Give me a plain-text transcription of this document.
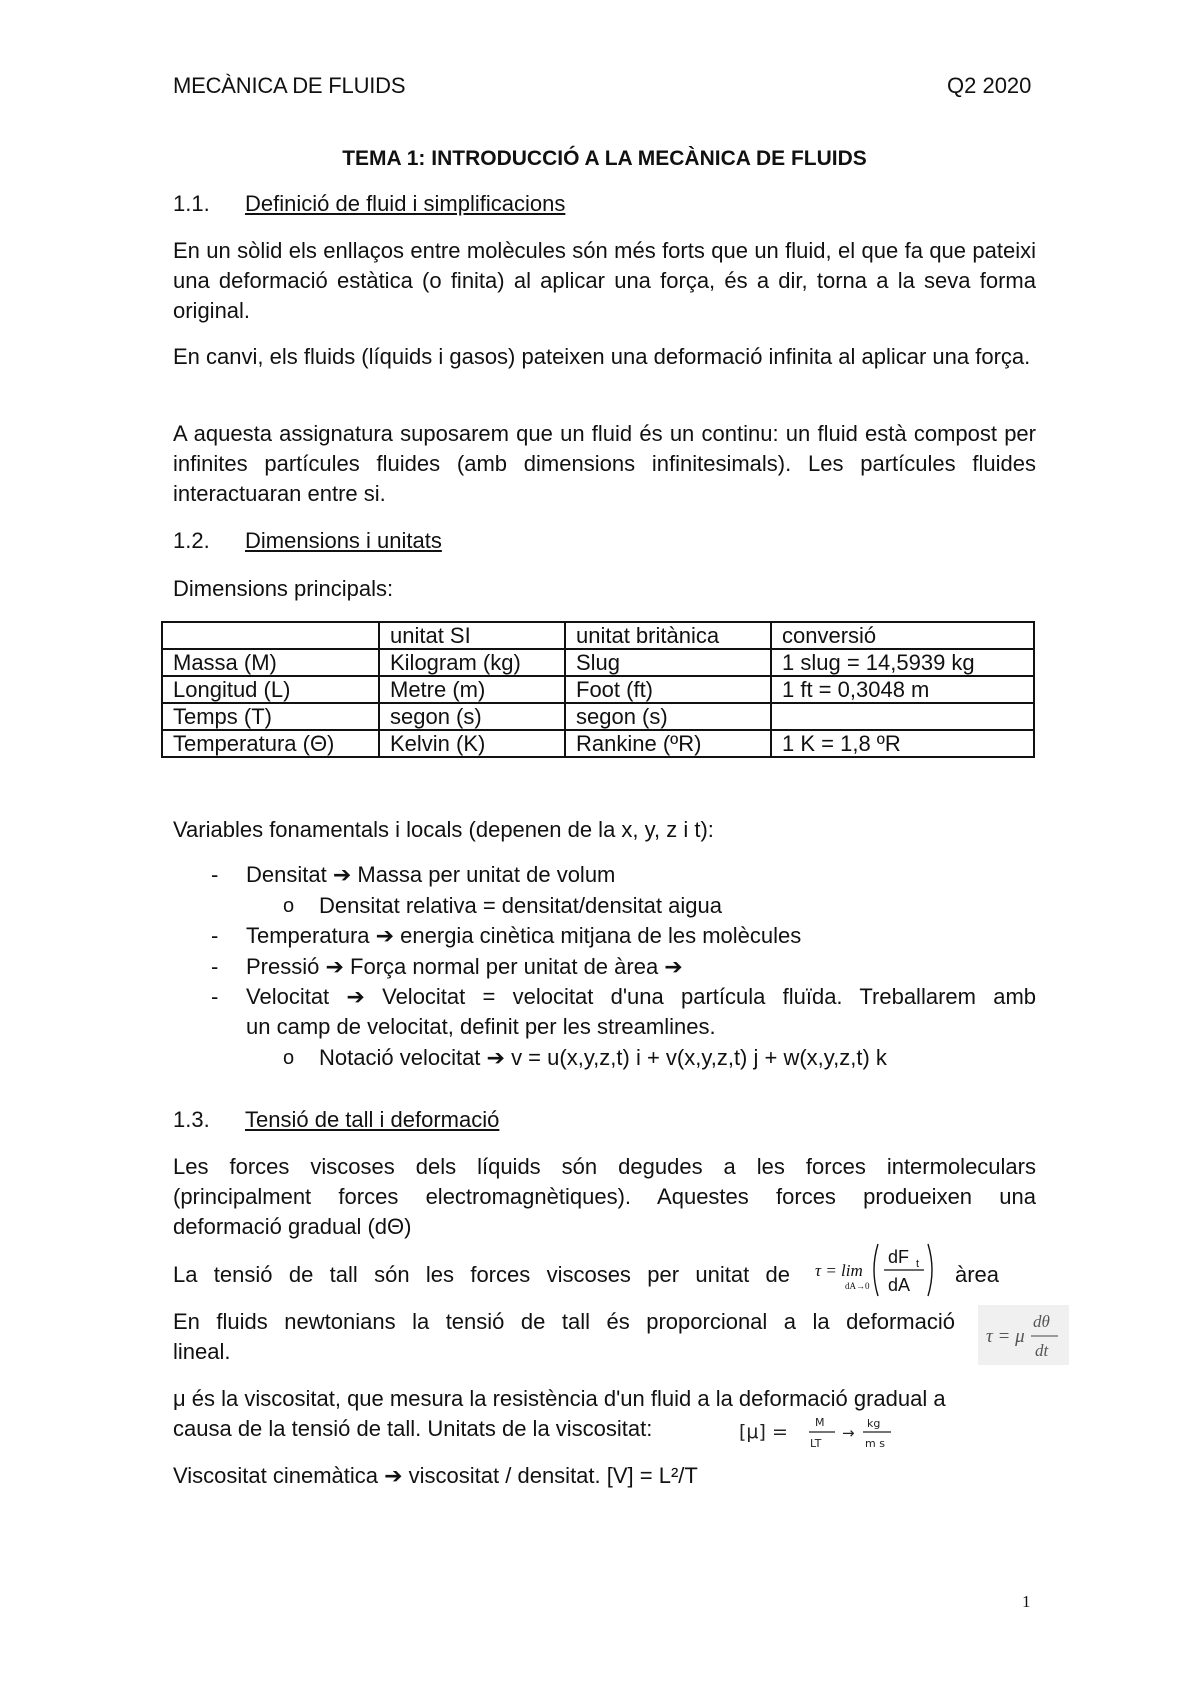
MECÀNICA DE FLUIDS	Q2 2020
TEMA 1: INTRODUCCIÓ A LA MECÀNICA DE FLUIDS
1.1. Definició de fluid i simplificacions
En un sòlid els enllaços entre molècules són més forts que un fluid, el que fa que pateixi una deformació estàtica (o finita) al aplicar una força, és a dir, torna a la seva forma original.
En canvi, els fluids (líquids i gasos) pateixen una deformació infinita al aplicar una força.
A aquesta assignatura suposarem que un fluid és un continu: un fluid està compost per infinites partícules fluides (amb dimensions infinitesimals). Les partícules fluides interactuaran entre si.
1.2. Dimensions i unitats
Dimensions principals:
	unitat SI	unitat britànica	conversió
Massa (M)	Kilogram (kg)	Slug	1 slug = 14,5939 kg
Longitud (L)	Metre (m)	Foot (ft)	1 ft = 0,3048 m
Temps (T)	segon (s)	segon (s)	
Temperatura (Θ)	Kelvin (K)	Rankine (ºR)	1 K = 1,8 ºR
Variables fonamentals i locals (depenen de la x, y, z i t):
- Densitat ➔ Massa per unitat de volum
o Densitat relativa = densitat/densitat aigua
- Temperatura ➔ energia cinètica mitjana de les molècules
- Pressió ➔ Força normal per unitat de àrea ➔
- Velocitat ➔ Velocitat = velocitat d'una partícula fluïda. Treballarem amb
un camp de velocitat, definit per les streamlines.
o Notació velocitat ➔ v = u(x,y,z,t) i + v(x,y,z,t) j + w(x,y,z,t) k
1.3. Tensió de tall i deformació
Les forces viscoses dels líquids són degudes a les forces intermoleculars
(principalment forces electromagnètiques). Aquestes forces produeixen una
deformació gradual (dΘ)
La tensió de tall són les forces viscoses per unitat de	àrea
τ = lim
dA→0
dF t
dA
En fluids newtonians la tensió de tall és proporcional a la deformació
lineal.
τ = μ
dθ
dt
μ és la viscositat, que mesura la resistència d'un fluid a la deformació gradual a
causa de la tensió de tall. Unitats de la viscositat:	[μ] = M
LT
→
kg
m s
Viscositat cinemàtica ➔ viscositat / densitat. [V] = L²/T
1
